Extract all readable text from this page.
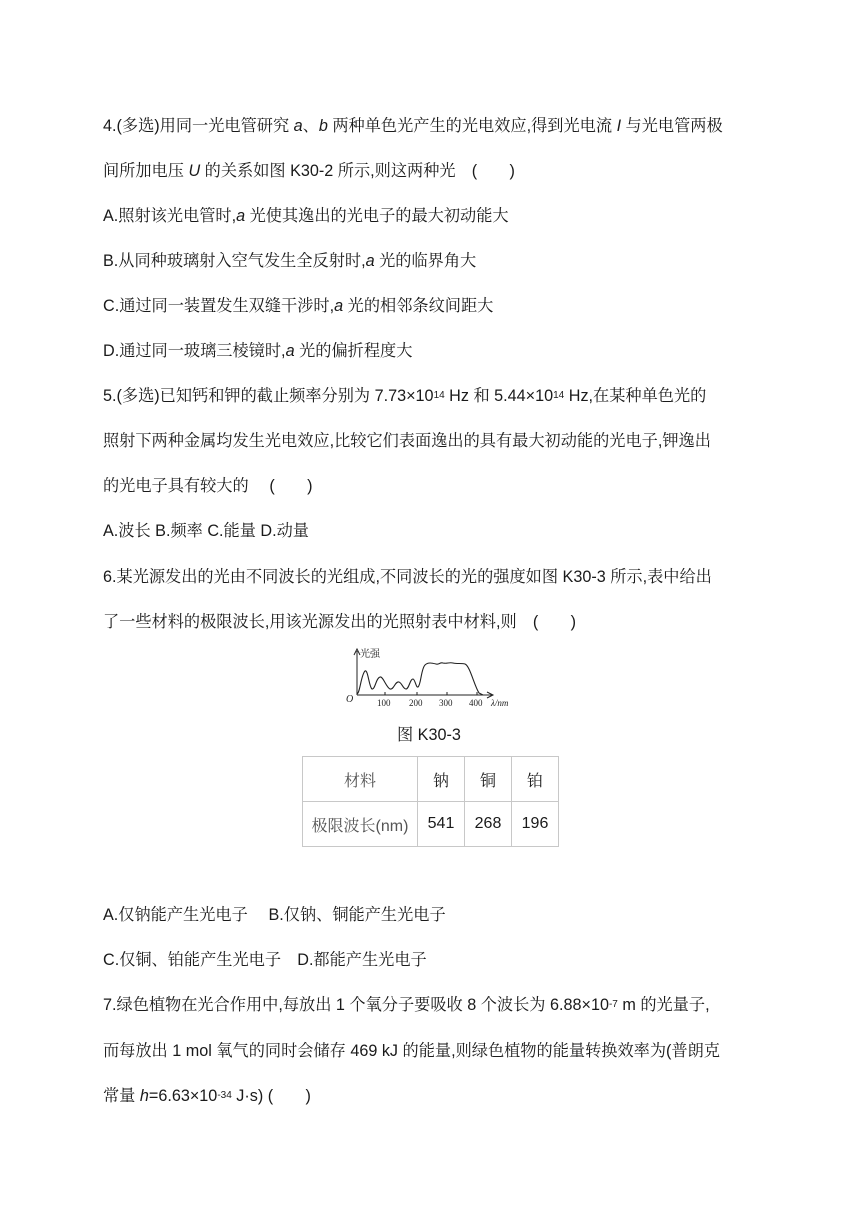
4.(多选)用同一光电管研究 a、b 两种单色光产生的光电效应,得到光电流 I 与光电管两极
间所加电压 U 的关系如图 K30-2 所示,则这两种光　(　　)
A.照射该光电管时,a 光使其逸出的光电子的最大初动能大
B.从同种玻璃射入空气发生全反射时,a 光的临界角大
C.通过同一装置发生双缝干涉时,a 光的相邻条纹间距大
D.通过同一玻璃三棱镜时,a 光的偏折程度大
5.(多选)已知钙和钾的截止频率分别为 $7.73\times 10^{14}$ Hz 和 $5.44\times 10^{14}$ Hz,在某种单色光的
照射下两种金属均发生光电效应,比较它们表面逸出的具有最大初动能的光电子,钾逸出
的光电子具有较大的　 (　　)
A.波长 B.频率 C.能量 D.动量
6.某光源发出的光由不同波长的光组成,不同波长的光的强度如图 K30-3 所示,表中给出
了一些材料的极限波长,用该光源发出的光照射表中材料,则　(　　)
光强
O	100 200 300 400 λ/nm
图 K30-3
材料	钠	铜	铂
极限波长(nm)	541	268	196
A.仅钠能产生光电子　 B.仅钠、铜能产生光电子
C.仅铜、铂能产生光电子　D.都能产生光电子
7.绿色植物在光合作用中,每放出 1 个氧分子要吸收 8 个波长为 $6.88\times 10^{-7}$ m 的光量子,
而每放出 1 mol 氧气的同时会储存 469 kJ 的能量,则绿色植物的能量转换效率为(普朗克
常量 $h=6.63\times 10^{-34}$ J·s) (　　)
